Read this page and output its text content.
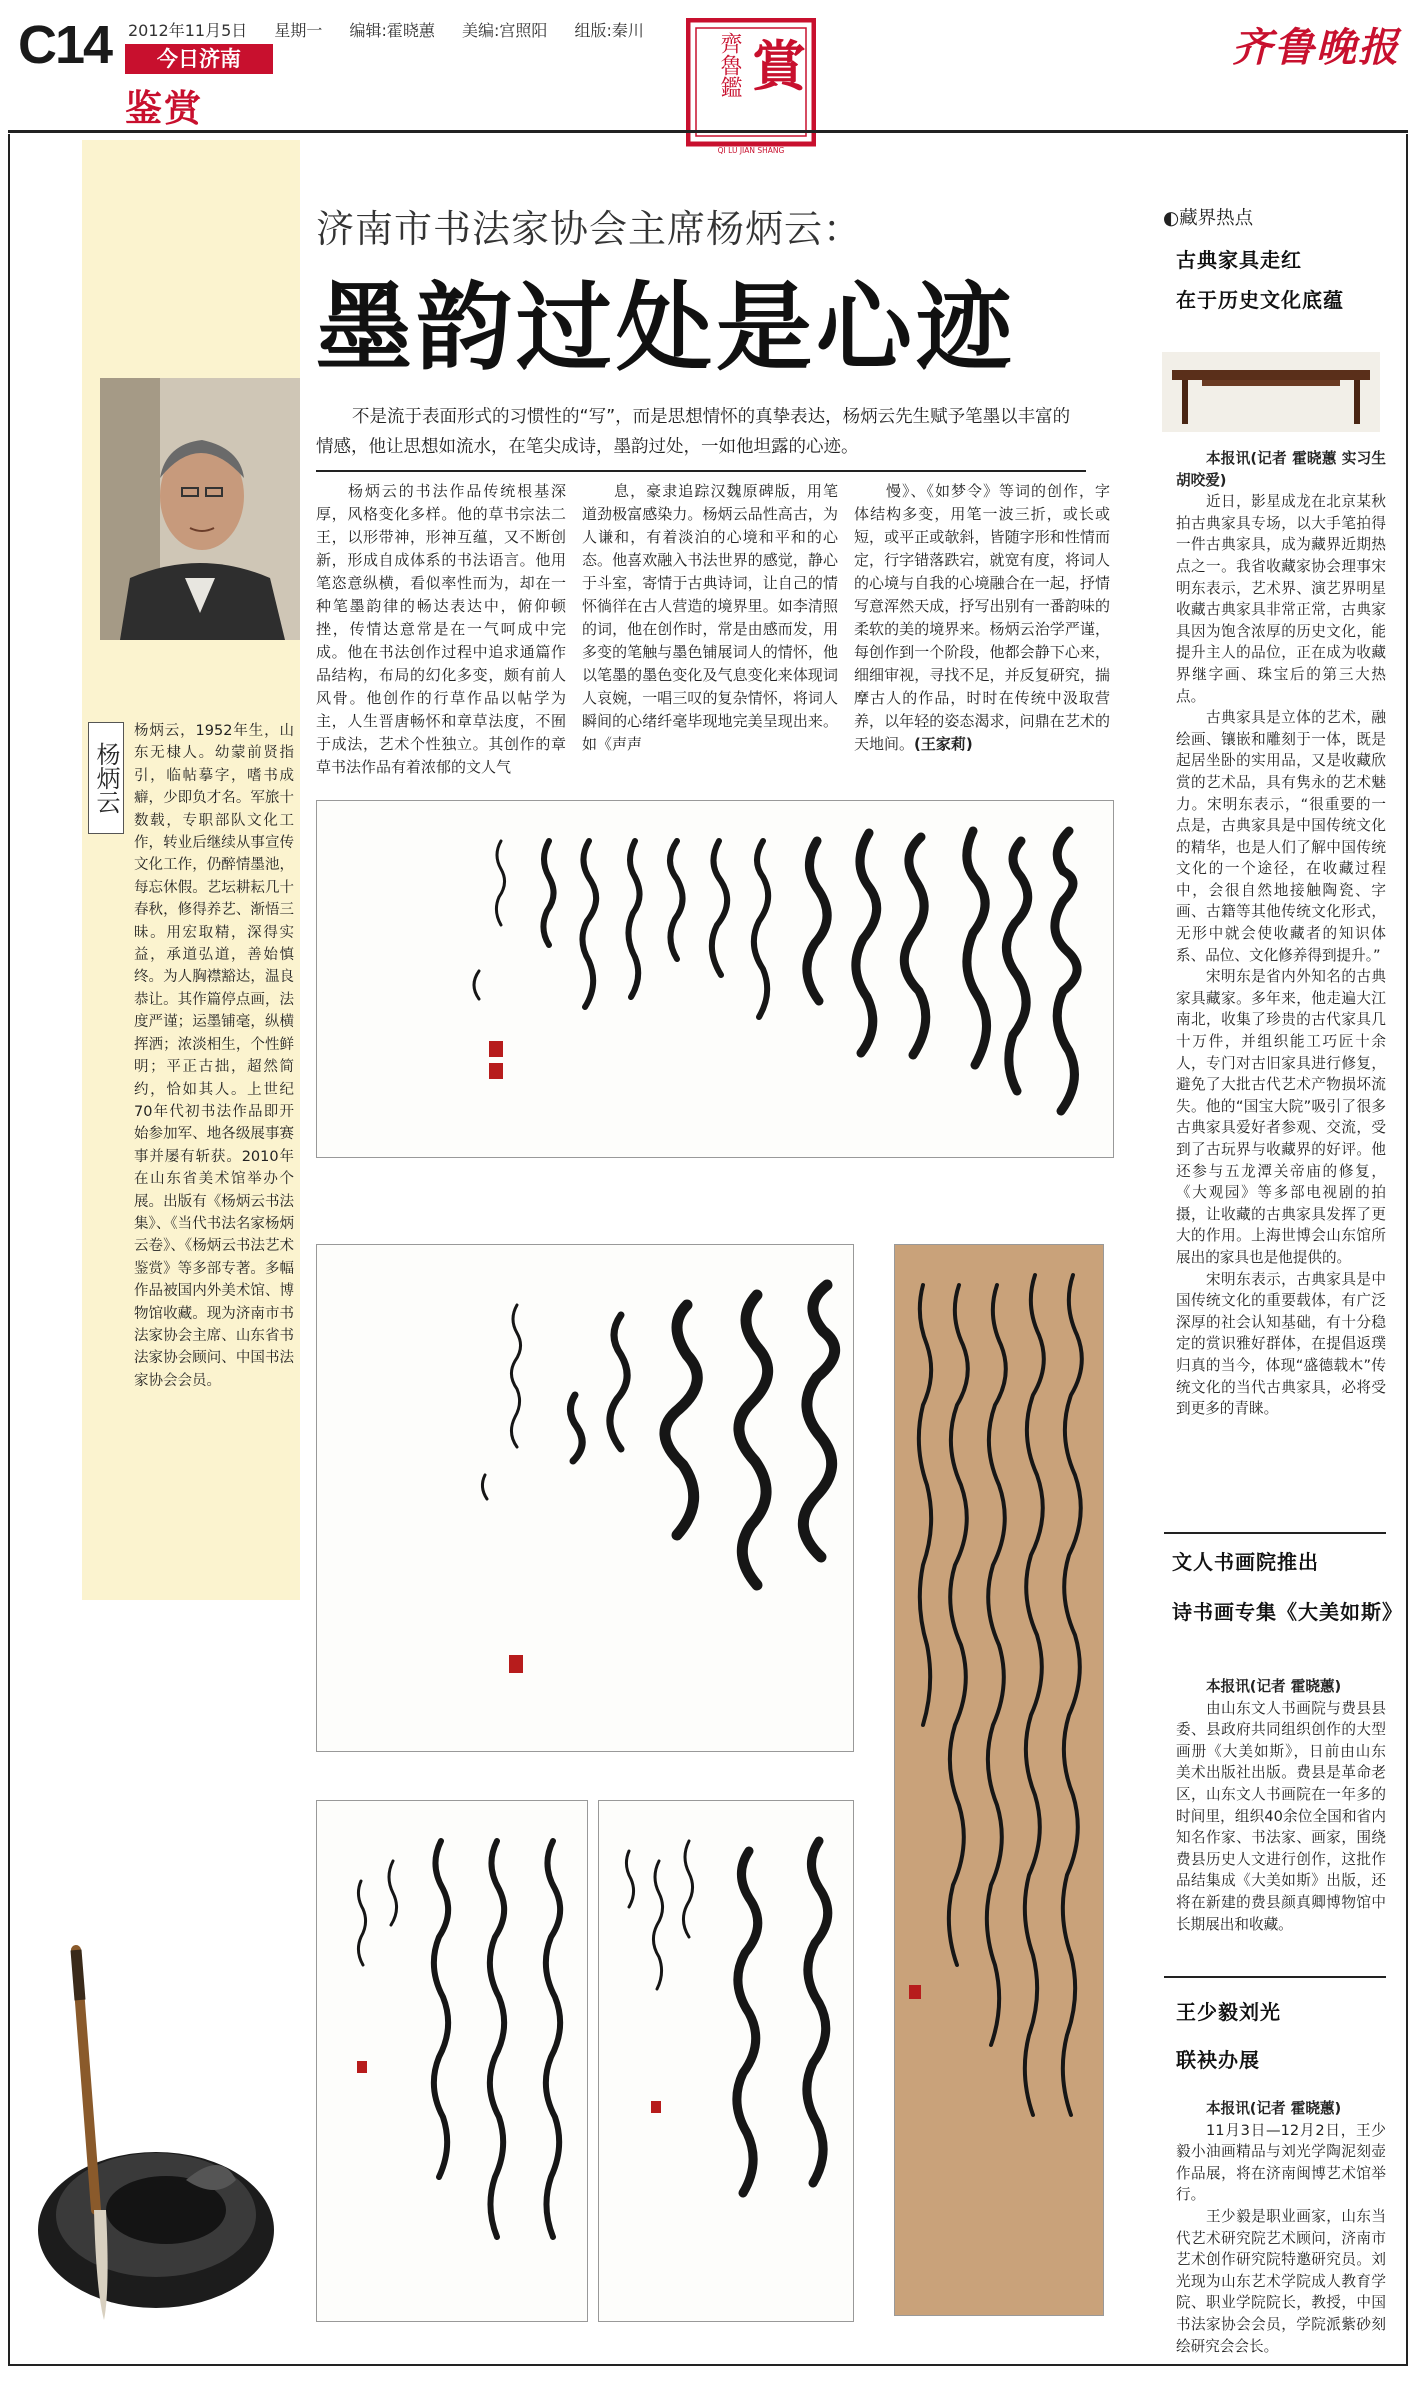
C14 2012年11月5日 星期一 编辑:霍晓蕙 美编:宫照阳 组版:秦川
今日济南
鉴赏
賞
齊魯鑑
QI LU JIAN SHANG
齐鲁晚报
杨炳云
杨炳云，1952年生，山东无棣人。幼蒙前贤指引，临帖摹字，嗜书成癖，少即负才名。军旅十数载，专职部队文化工作，转业后继续从事宣传文化工作，仍醉情墨池，每忘休假。艺坛耕耘几十春秋，修得养艺、渐悟三昧。用宏取精，深得实益，承道弘道，善始慎终。为人胸襟豁达，温良恭让。其作篇停点画，法度严谨；运墨铺毫，纵横挥洒；浓淡相生，个性鲜明；平正古拙，超然简约，恰如其人。上世纪70年代初书法作品即开始参加军、地各级展事赛事并屡有斩获。2010年在山东省美术馆举办个展。出版有《杨炳云书法集》、《当代书法名家杨炳云卷》、《杨炳云书法艺术鉴赏》等多部专著。多幅作品被国内外美术馆、博物馆收藏。现为济南市书法家协会主席、山东省书法家协会顾问、中国书法家协会会员。
济南市书法家协会主席杨炳云：
墨韵过处是心迹
不是流于表面形式的习惯性的“写”，而是思想情怀的真挚表达，杨炳云先生赋予笔墨以丰富的情感，他让思想如流水，在笔尖成诗，墨韵过处，一如他坦露的心迹。
杨炳云的书法作品传统根基深厚，风格变化多样。他的草书宗法二王，以形带神，形神互蕴，又不断创新，形成自成体系的书法语言。他用笔恣意纵横，看似率性而为，却在一种笔墨韵律的畅达表达中，俯仰顿挫，传情达意常是在一气呵成中完成。他在书法创作过程中追求通篇作品结构，布局的幻化多变，颇有前人风骨。他创作的行草作品以帖学为主，人生晋唐畅怀和章草法度，不囿于成法，艺术个性独立。其创作的章草书法作品有着浓郁的文人气
息，豪隶追踪汉魏原碑版，用笔道劲极富感染力。杨炳云品性高古，为人谦和，有着淡泊的心境和平和的心态。他喜欢融入书法世界的感觉，静心于斗室，寄情于古典诗词，让自己的情怀徜徉在古人营造的境界里。如李清照的词，他在创作时，常是由感而发，用多变的笔触与墨色铺展词人的情怀，他以笔墨的墨色变化及气息变化来体现词人哀婉，一唱三叹的复杂情怀，将词人瞬间的心绪纤毫毕现地完美呈现出来。如《声声
慢》、《如梦令》等词的创作，字体结构多变，用笔一波三折，或长或短，或平正或欹斜，皆随字形和性情而定，行字错落跌宕，就宽有度，将词人的心境与自我的心境融合在一起，抒情写意浑然天成，抒写出别有一番韵味的柔软的美的境界来。杨炳云治学严谨，每创作到一个阶段，他都会静下心来，细细审视，寻找不足，并反复研究，揣摩古人的作品，时时在传统中汲取营养，以年轻的姿态渴求，问鼎在艺术的天地间。(王家莉)
◐藏界热点
古典家具走红
在于历史文化底蕴
本报讯(记者 霍晓蕙 实习生 胡咬爱)
近日，影星成龙在北京某秋拍古典家具专场，以大手笔拍得一件古典家具，成为藏界近期热点之一。我省收藏家协会理事宋明东表示，艺术界、演艺界明星收藏古典家具非常正常，古典家具因为饱含浓厚的历史文化，能提升主人的品位，正在成为收藏界继字画、珠宝后的第三大热点。
古典家具是立体的艺术，融绘画、镶嵌和雕刻于一体，既是起居坐卧的实用品，又是收藏欣赏的艺术品，具有隽永的艺术魅力。宋明东表示，“很重要的一点是，古典家具是中国传统文化的精华，也是人们了解中国传统文化的一个途径，在收藏过程中，会很自然地接触陶瓷、字画、古籍等其他传统文化形式，无形中就会使收藏者的知识体系、品位、文化修养得到提升。”
宋明东是省内外知名的古典家具藏家。多年来，他走遍大江南北，收集了珍贵的古代家具几十万件，并组织能工巧匠十余人，专门对古旧家具进行修复，避免了大批古代艺术产物损坏流失。他的“国宝大院”吸引了很多古典家具爱好者参观、交流，受到了古玩界与收藏界的好评。他还参与五龙潭关帝庙的修复，《大观园》等多部电视剧的拍摄，让收藏的古典家具发挥了更大的作用。上海世博会山东馆所展出的家具也是他提供的。
宋明东表示，古典家具是中国传统文化的重要载体，有广泛深厚的社会认知基础，有十分稳定的赏识雅好群体，在提倡返璞归真的当今，体现“盛德载木”传统文化的当代古典家具，必将受到更多的青睐。
文人书画院推出
诗书画专集《大美如斯》
本报讯(记者 霍晓蕙)
由山东文人书画院与费县县委、县政府共同组织创作的大型画册《大美如斯》，日前由山东美术出版社出版。费县是革命老区，山东文人书画院在一年多的时间里，组织40余位全国和省内知名作家、书法家、画家，围绕费县历史人文进行创作，这批作品结集成《大美如斯》出版，还将在新建的费县颜真卿博物馆中长期展出和收藏。
王少毅刘光
联袂办展
本报讯(记者 霍晓蕙)
11月3日—12月2日，王少毅小油画精品与刘光学陶泥刻壶作品展，将在济南闽博艺术馆举行。
王少毅是职业画家，山东当代艺术研究院艺术顾问，济南市艺术创作研究院特邀研究员。刘光现为山东艺术学院成人教育学院、职业学院院长，教授，中国书法家协会会员，学院派紫砂刻绘研究会会长。
